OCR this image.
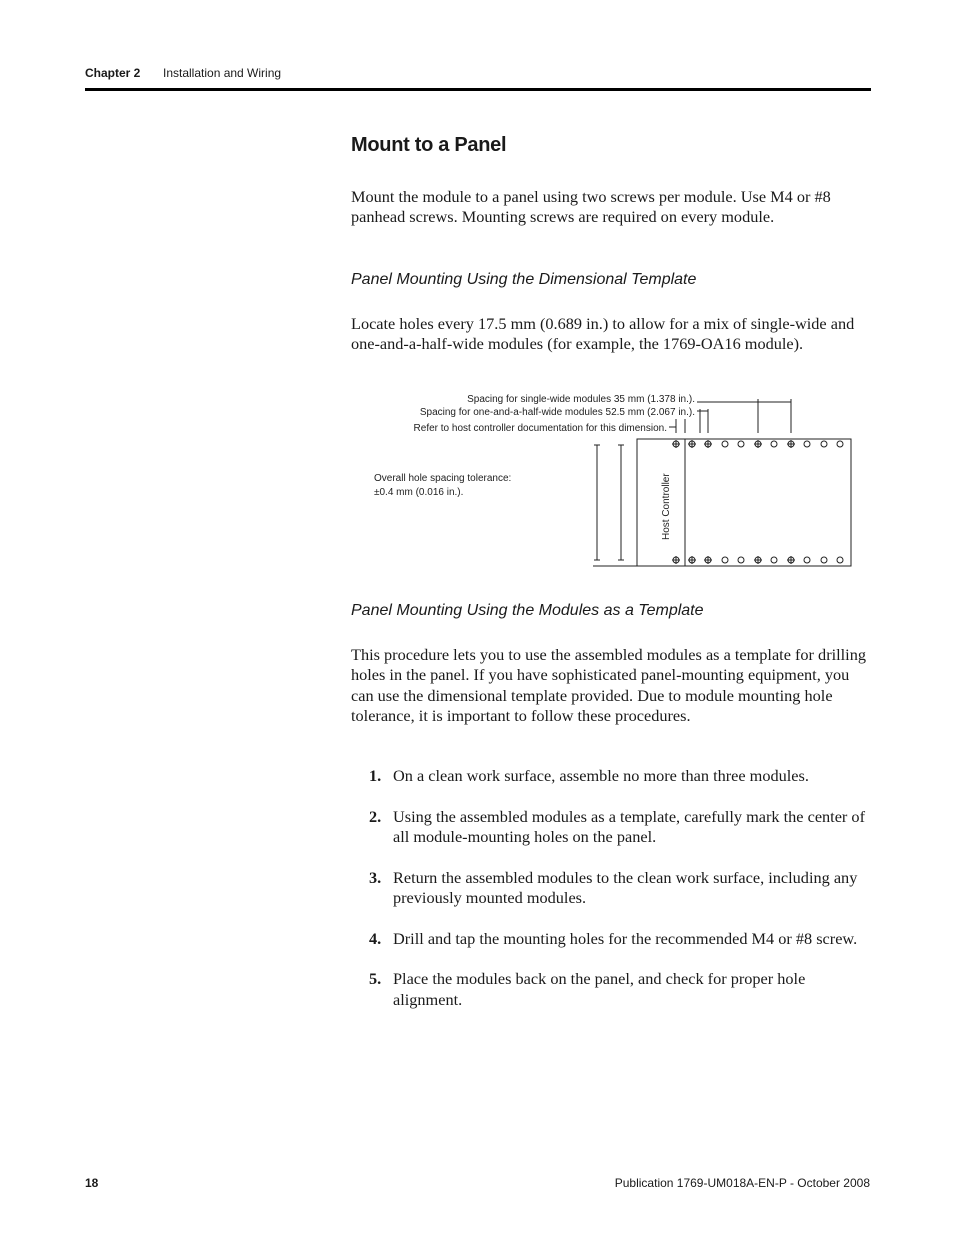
Chapter 2 Installation and Wiring
Mount to a Panel

Mount the module to a panel using two screws per module. Use M4 or #8 panhead screws. Mounting screws are required on every module.

Panel Mounting Using the Dimensional Template

Locate holes every 17.5 mm (0.689 in.) to allow for a mix of single-wide and one-and-a-half-wide modules (for example, the 1769-OA16 module).

Spacing for single-wide modules 35 mm (1.378 in.).
Spacing for one-and-a-half-wide modules 52.5 mm (2.067 in.).
Refer to host controller documentation for this dimension.
Overall hole spacing tolerance:
±0.4 mm (0.016 in.).	Host Controller
Panel Mounting Using the Modules as a Template

This procedure lets you to use the assembled modules as a template for drilling holes in the panel. If you have sophisticated panel-mounting equipment, you can use the dimensional template provided. Due to module mounting hole tolerance, it is important to follow these procedures.

1. On a clean work surface, assemble no more than three modules.
2. Using the assembled modules as a template, carefully mark the center of all module-mounting holes on the panel.
3. Return the assembled modules to the clean work surface, including any previously mounted modules.
4. Drill and tap the mounting holes for the recommended M4 or #8 screw.
5. Place the modules back on the panel, and check for proper hole alignment.
18	Publication 1769-UM018A-EN-P - October 2008
